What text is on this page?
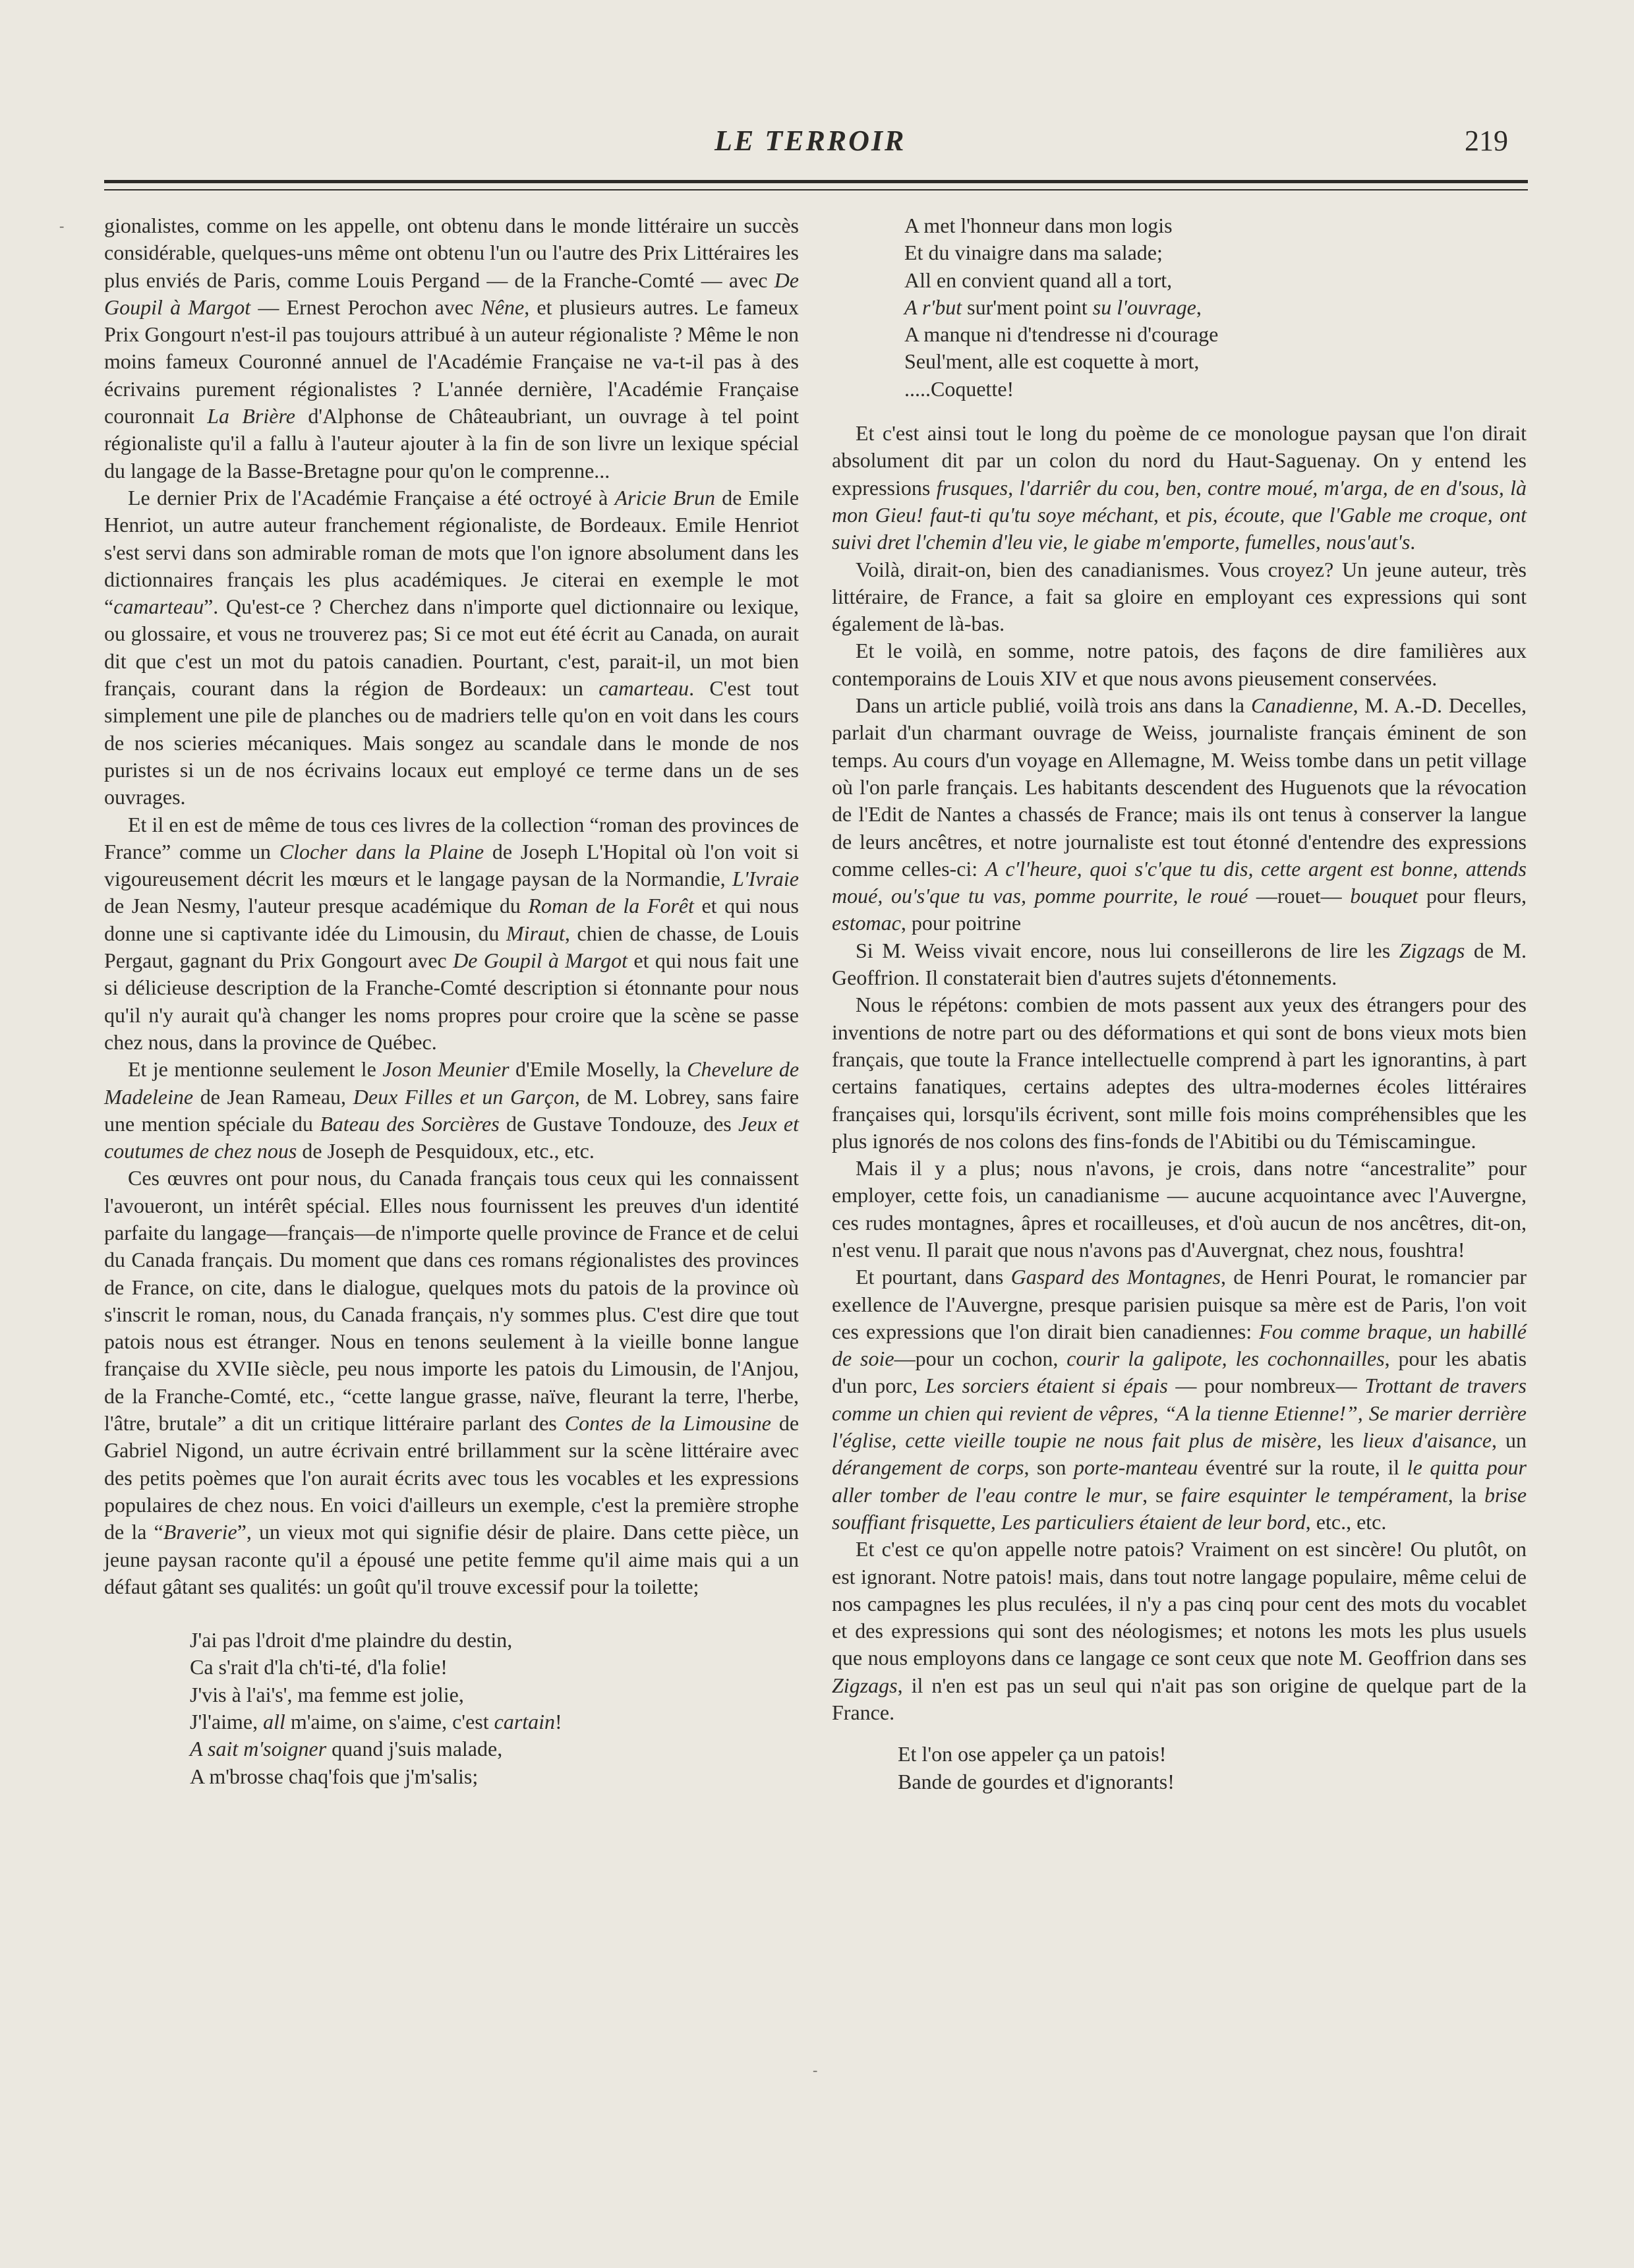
LE TERROIR	219
‐
-

gionalistes, comme on les appelle, ont obtenu dans le monde littéraire un succès considérable, quelques-uns même ont obtenu l'un ou l'autre des Prix Littéraires les plus enviés de Paris, comme Louis Pergand — de la Franche-Comté — avec De Goupil à Margot — Ernest Perochon avec Nêne, et plusieurs autres. Le fameux Prix Gongourt n'est-il pas toujours attribué à un auteur régionaliste ? Même le non moins fameux Couronné annuel de l'Académie Française ne va-t-il pas à des écrivains purement régionalistes ? L'année dernière, l'Académie Française couronnait La Brière d'Alphonse de Châteaubriant, un ouvrage à tel point régionaliste qu'il a fallu à l'auteur ajouter à la fin de son livre un lexique spécial du langage de la Basse-Bretagne pour qu'on le comprenne...

Le dernier Prix de l'Académie Française a été octroyé à Aricie Brun de Emile Henriot, un autre auteur franchement régionaliste, de Bordeaux. Emile Henriot s'est servi dans son admirable roman de mots que l'on ignore absolument dans les dictionnaires français les plus académiques. Je citerai en exemple le mot “camarteau”. Qu'est-ce ? Cherchez dans n'importe quel dictionnaire ou lexique, ou glossaire, et vous ne trouverez pas; Si ce mot eut été écrit au Canada, on aurait dit que c'est un mot du patois canadien. Pourtant, c'est, parait-il, un mot bien français, courant dans la région de Bordeaux: un camarteau. C'est tout simplement une pile de planches ou de madriers telle qu'on en voit dans les cours de nos scieries mécaniques. Mais songez au scandale dans le monde de nos puristes si un de nos écrivains locaux eut employé ce terme dans un de ses ouvrages.

Et il en est de même de tous ces livres de la collection “roman des provinces de France” comme un Clocher dans la Plaine de Joseph L'Hopital où l'on voit si vigoureusement décrit les mœurs et le langage paysan de la Normandie, L'Ivraie de Jean Nesmy, l'auteur presque académique du Roman de la Forêt et qui nous donne une si captivante idée du Limousin, du Miraut, chien de chasse, de Louis Pergaut, gagnant du Prix Gongourt avec De Goupil à Margot et qui nous fait une si délicieuse description de la Franche-Comté description si étonnante pour nous qu'il n'y aurait qu'à changer les noms propres pour croire que la scène se passe chez nous, dans la province de Québec.

Et je mentionne seulement le Joson Meunier d'Emile Moselly, la Chevelure de Madeleine de Jean Rameau, Deux Filles et un Garçon, de M. Lobrey, sans faire une mention spéciale du Bateau des Sorcières de Gustave Tondouze, des Jeux et coutumes de chez nous de Joseph de Pesquidoux, etc., etc.

Ces œuvres ont pour nous, du Canada français tous ceux qui les connaissent l'avoueront, un intérêt spécial. Elles nous fournissent les preuves d'un identité parfaite du langage—français—de n'importe quelle province de France et de celui du Canada français. Du moment que dans ces romans régionalistes des provinces de France, on cite, dans le dialogue, quelques mots du patois de la province où s'inscrit le roman, nous, du Canada français, n'y sommes plus. C'est dire que tout patois nous est étranger. Nous en tenons seulement à la vieille bonne langue française du XVIIe siècle, peu nous importe les patois du Limousin, de l'Anjou, de la Franche-Comté, etc., “cette langue grasse, naïve, fleurant la terre, l'herbe, l'âtre, brutale” a dit un critique littéraire parlant des Contes de la Limousine de Gabriel Nigond, un autre écrivain entré brillamment sur la scène littéraire avec des petits poèmes que l'on aurait écrits avec tous les vocables et les expressions populaires de chez nous. En voici d'ailleurs un exemple, c'est la première strophe de la “Braverie”, un vieux mot qui signifie désir de plaire. Dans cette pièce, un jeune paysan raconte qu'il a épousé une petite femme qu'il aime mais qui a un défaut gâtant ses qualités: un goût qu'il trouve excessif pour la toilette;

J'ai pas l'droit d'me plaindre du destin,
Ca s'rait d'la ch'ti-té, d'la folie!
J'vis à l'ai's', ma femme est jolie,
J'l'aime, all m'aime, on s'aime, c'est cartain!
A sait m'soigner quand j'suis malade,
A m'brosse chaq'fois que j'm'salis;
A met l'honneur dans mon logis
Et du vinaigre dans ma salade;
All en convient quand all a tort,
A r'but sur'ment point su l'ouvrage,
A manque ni d'tendresse ni d'courage
Seul'ment, alle est coquette à mort,
.....Coquette!

Et c'est ainsi tout le long du poème de ce monologue paysan que l'on dirait absolument dit par un colon du nord du Haut-Saguenay. On y entend les expressions frusques, l'darriêr du cou, ben, contre moué, m'arga, de en d'sous, là mon Gieu! faut-ti qu'tu soye méchant, et pis, écoute, que l'Gable me croque, ont suivi dret l'chemin d'leu vie, le giabe m'emporte, fumelles, nous'aut's.

Voilà, dirait-on, bien des canadianismes. Vous croyez? Un jeune auteur, très littéraire, de France, a fait sa gloire en employant ces expressions qui sont également de là-bas.

Et le voilà, en somme, notre patois, des façons de dire familières aux contemporains de Louis XIV et que nous avons pieusement conservées.

Dans un article publié, voilà trois ans dans la Canadienne, M. A.-D. Decelles, parlait d'un charmant ouvrage de Weiss, journaliste français éminent de son temps. Au cours d'un voyage en Allemagne, M. Weiss tombe dans un petit village où l'on parle français. Les habitants descendent des Huguenots que la révocation de l'Edit de Nantes a chassés de France; mais ils ont tenus à conserver la langue de leurs ancêtres, et notre journaliste est tout étonné d'entendre des expressions comme celles-ci: A c'l'heure, quoi s'c'que tu dis, cette argent est bonne, attends moué, ou's'que tu vas, pomme pourrite, le roué —rouet— bouquet pour fleurs, estomac, pour poitrine

Si M. Weiss vivait encore, nous lui conseillerons de lire les Zigzags de M. Geoffrion. Il constaterait bien d'autres sujets d'étonnements.

Nous le répétons: combien de mots passent aux yeux des étrangers pour des inventions de notre part ou des déformations et qui sont de bons vieux mots bien français, que toute la France intellectuelle comprend à part les ignorantins, à part certains fanatiques, certains adeptes des ultra-modernes écoles littéraires françaises qui, lorsqu'ils écrivent, sont mille fois moins compréhensibles que les plus ignorés de nos colons des fins-fonds de l'Abitibi ou du Témiscamingue.

Mais il y a plus; nous n'avons, je crois, dans notre “ancestralite” pour employer, cette fois, un canadianisme — aucune acquointance avec l'Auvergne, ces rudes montagnes, âpres et rocailleuses, et d'où aucun de nos ancêtres, dit-on, n'est venu. Il parait que nous n'avons pas d'Auvergnat, chez nous, foushtra!

Et pourtant, dans Gaspard des Montagnes, de Henri Pourat, le romancier par exellence de l'Auvergne, presque parisien puisque sa mère est de Paris, l'on voit ces expressions que l'on dirait bien canadiennes: Fou comme braque, un habillé de soie—pour un cochon, courir la galipote, les cochonnailles, pour les abatis d'un porc, Les sorciers étaient si épais — pour nombreux— Trottant de travers comme un chien qui revient de vêpres, “A la tienne Etienne!”, Se marier derrière l'église, cette vieille toupie ne nous fait plus de misère, les lieux d'aisance, un dérangement de corps, son porte-manteau éventré sur la route, il le quitta pour aller tomber de l'eau contre le mur, se faire esquinter le tempérament, la brise souffiant frisquette, Les particuliers étaient de leur bord, etc., etc.

Et c'est ce qu'on appelle notre patois? Vraiment on est sincère! Ou plutôt, on est ignorant. Notre patois! mais, dans tout notre langage populaire, même celui de nos campagnes les plus reculées, il n'y a pas cinq pour cent des mots du vocablet et des expressions qui sont des néologismes; et notons les mots les plus usuels que nous employons dans ce langage ce sont ceux que note M. Geoffrion dans ses Zigzags, il n'en est pas un seul qui n'ait pas son origine de quelque part de la France.

Et l'on ose appeler ça un patois!
Bande de gourdes et d'ignorants!
